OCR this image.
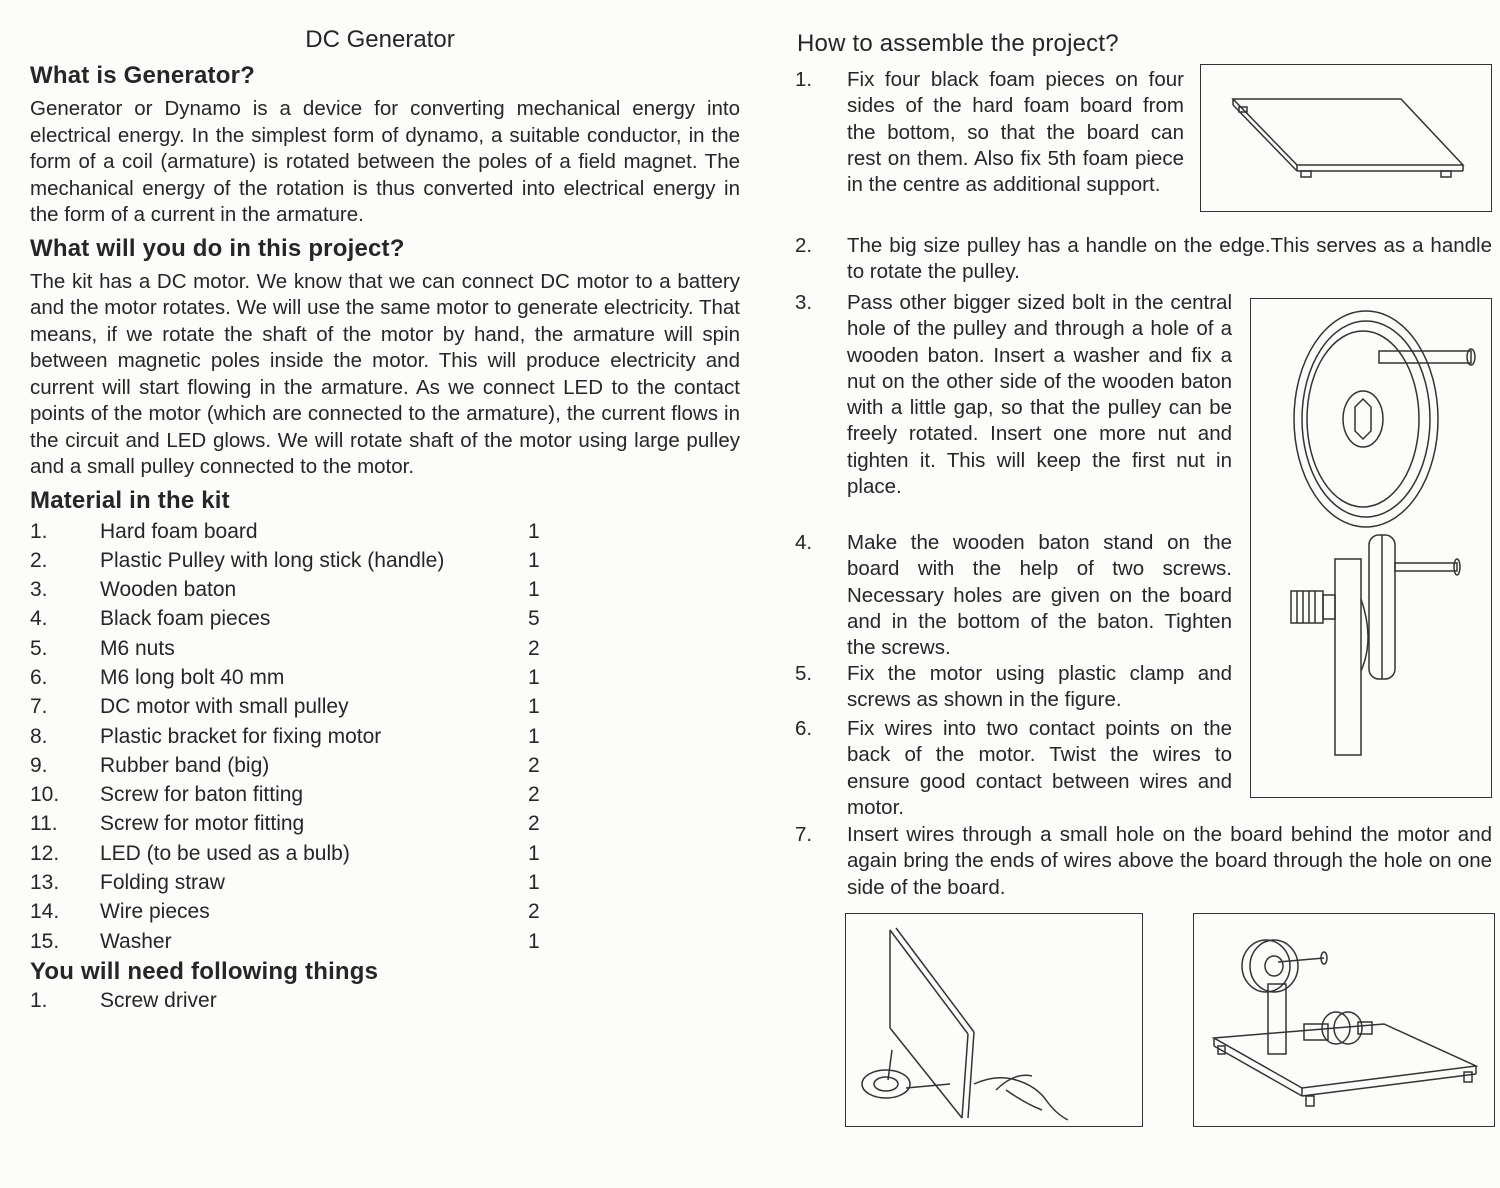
DC Generator
What is Generator?

Generator or Dynamo is a device for converting mechanical energy into electrical energy. In the simplest form of dynamo, a suitable conductor, in the form of a coil (armature) is rotated between the poles of a field magnet. The mechanical energy of the rotation is thus converted into electrical energy in the form of a current in the armature.

What will you do in this project?

The kit has a DC motor. We know that we can connect DC motor to a battery and the motor rotates. We will use the same motor to generate electricity. That means, if we rotate the shaft of the motor by hand, the armature will spin between magnetic poles inside the motor. This will produce electricity and current will start flowing in the armature. As we connect LED to the contact points of the motor (which are connected to the armature), the current flows in the circuit and LED glows. We will rotate shaft of the motor using large pulley and a small pulley connected to the motor.

Material in the kit
1. Hard foam board	1
2. Plastic Pulley with long stick (handle)	1
3. Wooden baton	1
4. Black foam pieces	5
5. M6 nuts	2
6. M6 long bolt 40 mm	1
7. DC motor with small pulley	1
8. Plastic bracket for fixing motor	1
9. Rubber band (big)	2
10. Screw for baton fitting	2
11. Screw for motor fitting	2
12. LED (to be used as a bulb)	1
13. Folding straw	1
14. Wire pieces	2
15. Washer	1
You will need following things
1. Screw driver
How to assemble the project?
1. Fix four black foam pieces on four sides of the hard foam board from the bottom, so that the board can rest on them. Also fix 5th foam piece in the centre as additional support.
2. The big size pulley has a handle on the edge.This serves as a handle to rotate the pulley.
3. Pass other bigger sized bolt in the central hole of the pulley and through a hole of a wooden baton. Insert a washer and fix a nut on the other side of the wooden baton with a little gap, so that the pulley can be freely rotated. Insert one more nut and tighten it. This will keep the first nut in place.
4. Make the wooden baton stand on the board with the help of two screws. Necessary holes are given on the board and in the bottom of the baton. Tighten the screws.
5. Fix the motor using plastic clamp and screws as shown in the figure.
6. Fix wires into two contact points on the back of the motor. Twist the wires to ensure good contact between wires and motor.
7. Insert wires through a small hole on the board behind the motor and again bring the ends of wires above the board through the hole on one side of the board.
